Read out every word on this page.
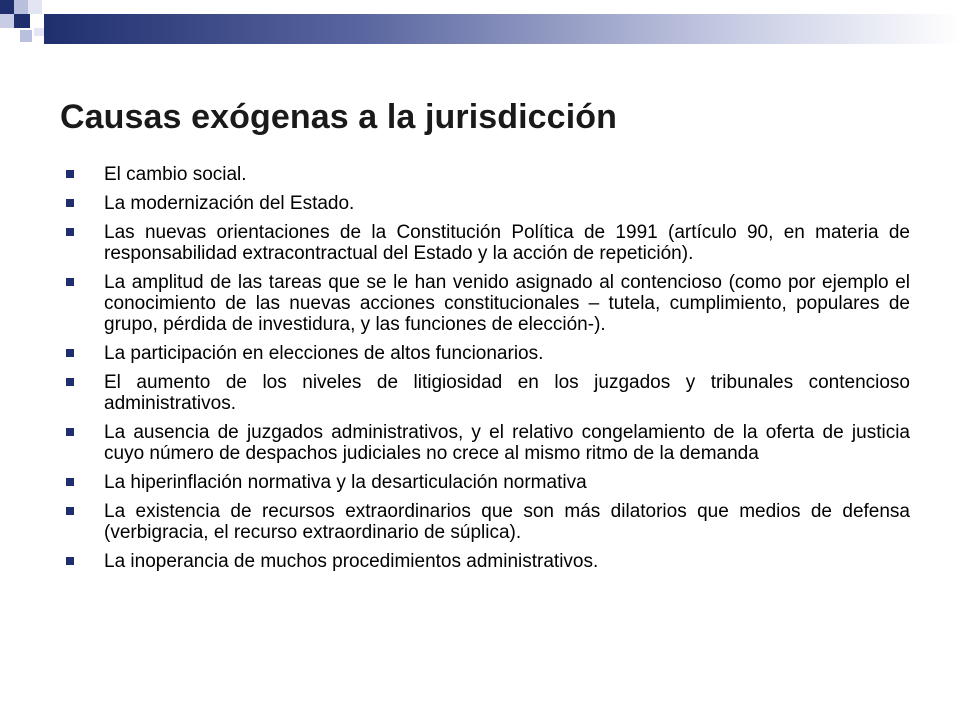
Causas exógenas a la jurisdicción
El cambio social.
La modernización del Estado.
Las nuevas orientaciones de la Constitución Política de 1991 (artículo 90, en materia de responsabilidad extracontractual del Estado y la acción de repetición).
La amplitud de las tareas que se le han venido asignado al contencioso (como por ejemplo el conocimiento de las nuevas acciones constitucionales – tutela, cumplimiento, populares de grupo, pérdida de investidura, y las funciones de elección-).
La participación en elecciones de altos funcionarios.
El aumento de los niveles de litigiosidad en los juzgados y tribunales contencioso administrativos.
La ausencia de juzgados administrativos, y el relativo congelamiento de la oferta de justicia cuyo número de despachos judiciales no crece al mismo ritmo de la demanda
La hiperinflación normativa y la desarticulación normativa
La existencia de recursos extraordinarios que son más dilatorios que medios de defensa (verbigracia, el recurso extraordinario de súplica).
La inoperancia de muchos procedimientos administrativos.
